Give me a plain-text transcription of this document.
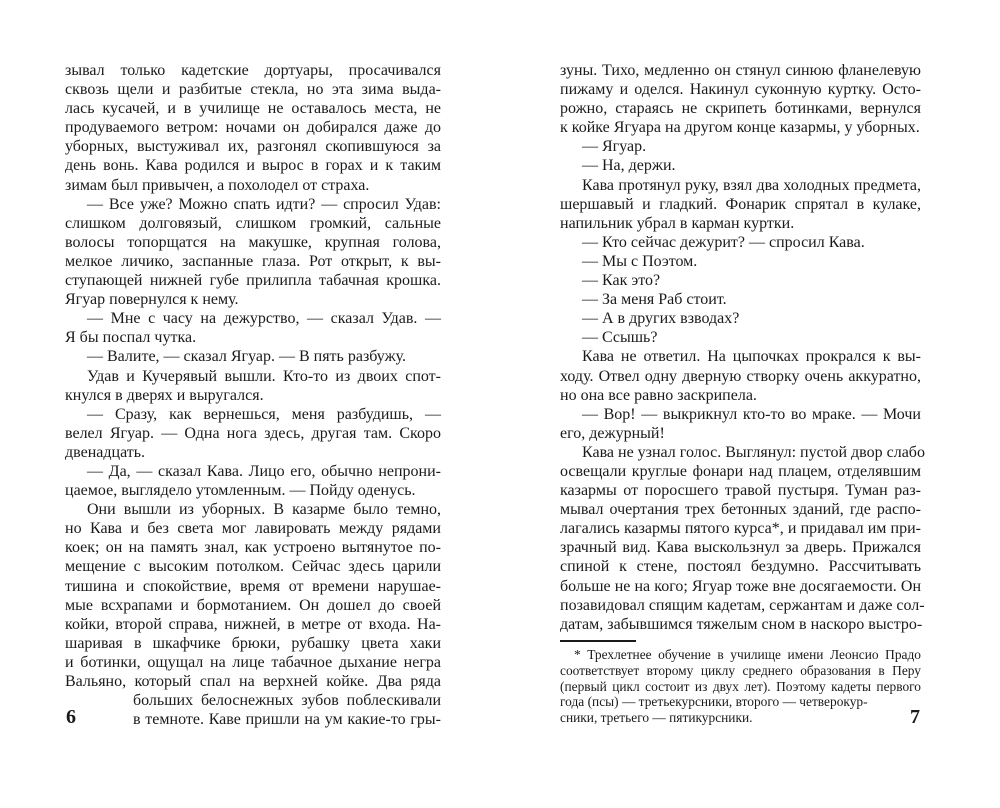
зывал только кадетские дортуары, просачивался
сквозь щели и разбитые стекла, но эта зима выда-
лась кусачей, и в училище не оставалось места, не
продуваемого ветром: ночами он добирался даже до
уборных, выстуживал их, разгонял скопившуюся за
день вонь. Кава родился и вырос в горах и к таким
зимам был привычен, а похолодел от страха.
— Все уже? Можно спать идти? — спросил Удав:
слишком долговязый, слишком громкий, сальные
волосы топорщатся на макушке, крупная голова,
мелкое личико, заспанные глаза. Рот открыт, к вы-
ступающей нижней губе прилипла табачная крошка.
Ягуар повернулся к нему.
— Мне с часу на дежурство, — сказал Удав. —
Я бы поспал чутка.
— Валите, — сказал Ягуар. — В пять разбужу.
Удав и Кучерявый вышли. Кто-то из двоих спот-
кнулся в дверях и выругался.
— Сразу, как вернешься, меня разбудишь, —
велел Ягуар. — Одна нога здесь, другая там. Скоро
двенадцать.
— Да, — сказал Кава. Лицо его, обычно непрони-
цаемое, выглядело утомленным. — Пойду оденусь.
Они вышли из уборных. В казарме было темно,
но Кава и без света мог лавировать между рядами
коек; он на память знал, как устроено вытянутое по-
мещение с высоким потолком. Сейчас здесь царили
тишина и спокойствие, время от времени нарушае-
мые всхрапами и бормотанием. Он дошел до своей
койки, второй справа, нижней, в метре от входа. На-
шаривая в шкафчике брюки, рубашку цвета хаки
и ботинки, ощущал на лице табачное дыхание негра
Вальяно, который спал на верхней койке. Два ряда
больших белоснежных зубов поблескивали
в темноте. Каве пришли на ум какие-то гры-
6
зуны. Тихо, медленно он стянул синюю фланелевую
пижаму и оделся. Накинул суконную куртку. Осто-
рожно, стараясь не скрипеть ботинками, вернулся
к койке Ягуара на другом конце казармы, у уборных.
— Ягуар.
— На, держи.
Кава протянул руку, взял два холодных предмета,
шершавый и гладкий. Фонарик спрятал в кулаке,
напильник убрал в карман куртки.
— Кто сейчас дежурит? — спросил Кава.
— Мы с Поэтом.
— Как это?
— За меня Раб стоит.
— А в других взводах?
— Ссышь?
Кава не ответил. На цыпочках прокрался к вы-
ходу. Отвел одну дверную створку очень аккуратно,
но она все равно заскрипела.
— Вор! — выкрикнул кто-то во мраке. — Мочи
его, дежурный!
Кава не узнал голос. Выглянул: пустой двор слабо
освещали круглые фонари над плацем, отделявшим
казармы от поросшего травой пустыря. Туман раз-
мывал очертания трех бетонных зданий, где распо-
лагались казармы пятого курса*, и придавал им при-
зрачный вид. Кава выскользнул за дверь. Прижался
спиной к стене, постоял бездумно. Рассчитывать
больше не на кого; Ягуар тоже вне досягаемости. Он
позавидовал спящим кадетам, сержантам и даже сол-
датам, забывшимся тяжелым сном в наскоро выстро-
* Трехлетнее обучение в училище имени Леонсио Прадо
соответствует второму циклу среднего образования в Перу
(первый цикл состоит из двух лет). Поэтому кадеты первого
года (псы) — третьекурсники, второго — четверокур-
сники, третьего — пятикурсники.	7
